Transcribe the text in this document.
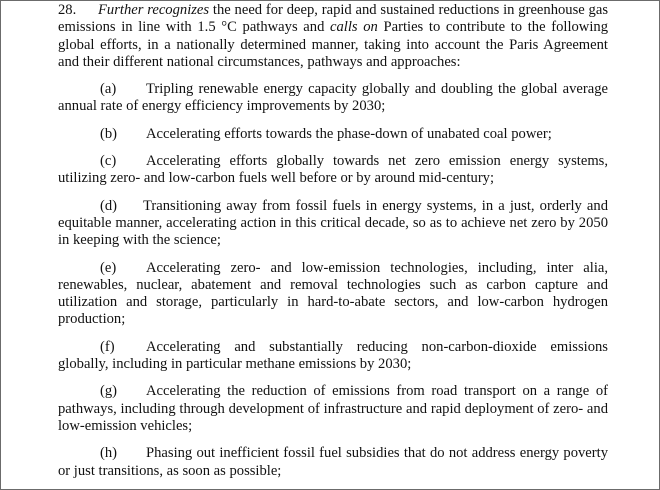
28. Further recognizes the need for deep, rapid and sustained reductions in greenhouse gas emissions in line with 1.5 °C pathways and calls on Parties to contribute to the following global efforts, in a nationally determined manner, taking into account the Paris Agreement and their different national circumstances, pathways and approaches:

(a) Tripling renewable energy capacity globally and doubling the global average annual rate of energy efficiency improvements by 2030;

(b) Accelerating efforts towards the phase-down of unabated coal power;

(c) Accelerating efforts globally towards net zero emission energy systems, utilizing zero- and low-carbon fuels well before or by around mid-century;

(d) Transitioning away from fossil fuels in energy systems, in a just, orderly and equitable manner, accelerating action in this critical decade, so as to achieve net zero by 2050 in keeping with the science;

(e) Accelerating zero- and low-emission technologies, including, inter alia, renewables, nuclear, abatement and removal technologies such as carbon capture and utilization and storage, particularly in hard-to-abate sectors, and low-carbon hydrogen production;

(f) Accelerating and substantially reducing non-carbon-dioxide emissions globally, including in particular methane emissions by 2030;

(g) Accelerating the reduction of emissions from road transport on a range of pathways, including through development of infrastructure and rapid deployment of zero- and low-emission vehicles;

(h) Phasing out inefficient fossil fuel subsidies that do not address energy poverty or just transitions, as soon as possible;
